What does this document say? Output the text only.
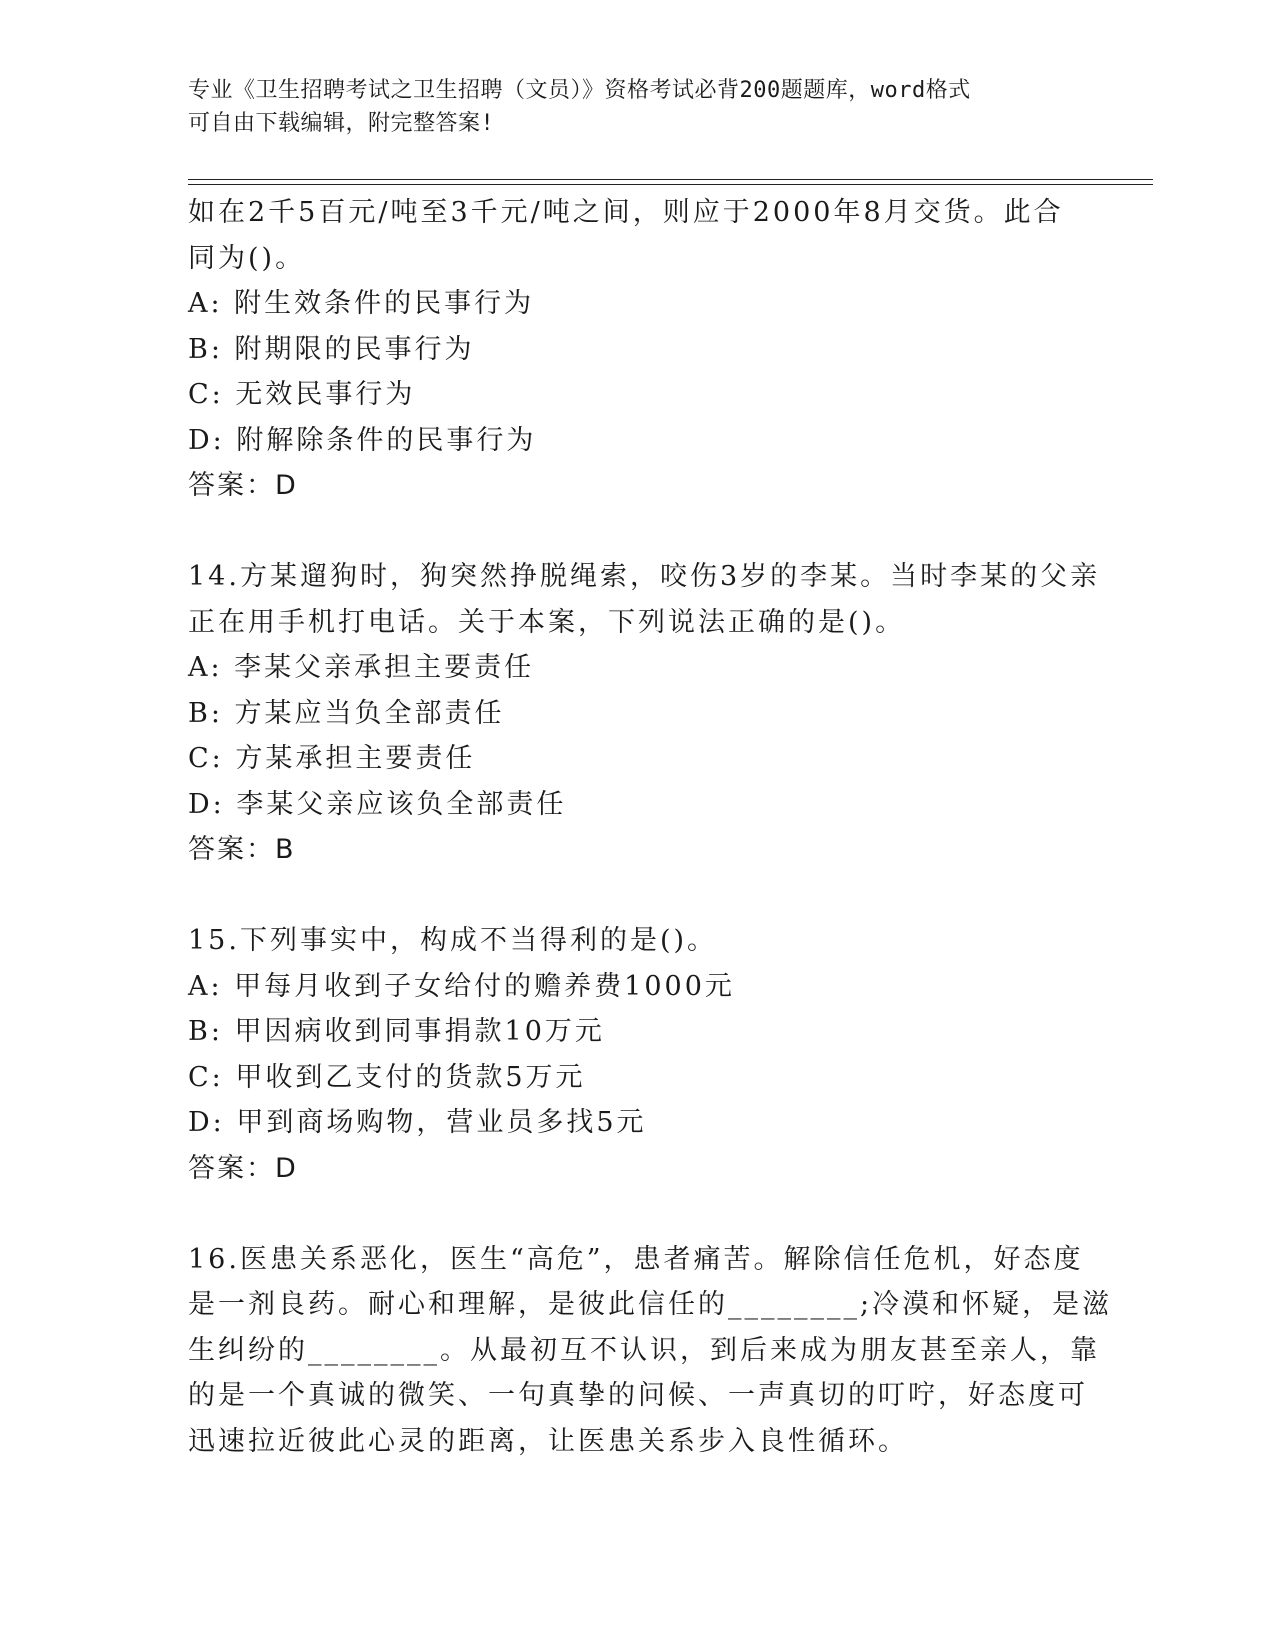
专业《卫生招聘考试之卫生招聘（文员）》资格考试必背200题题库，word格式
可自由下载编辑，附完整答案!
如在2千5百元/吨至3千元/吨之间，则应于2000年8月交货。此合
同为()。
A: 附生效条件的民事行为
B: 附期限的民事行为
C: 无效民事行为
D: 附解除条件的民事行为
答案：D
14.方某遛狗时，狗突然挣脱绳索，咬伤3岁的李某。当时李某的父亲
正在用手机打电话。关于本案，下列说法正确的是()。
A: 李某父亲承担主要责任
B: 方某应当负全部责任
C: 方某承担主要责任
D: 李某父亲应该负全部责任
答案：B
15.下列事实中，构成不当得利的是()。
A: 甲每月收到子女给付的赡养费1000元
B: 甲因病收到同事捐款10万元
C: 甲收到乙支付的货款5万元
D: 甲到商场购物，营业员多找5元
答案：D
16.医患关系恶化，医生“高危”，患者痛苦。解除信任危机，好态度
是一剂良药。耐心和理解，是彼此信任的________;冷漠和怀疑，是滋
生纠纷的________。从最初互不认识，到后来成为朋友甚至亲人，靠
的是一个真诚的微笑、一句真挚的问候、一声真切的叮咛，好态度可
迅速拉近彼此心灵的距离，让医患关系步入良性循环。
